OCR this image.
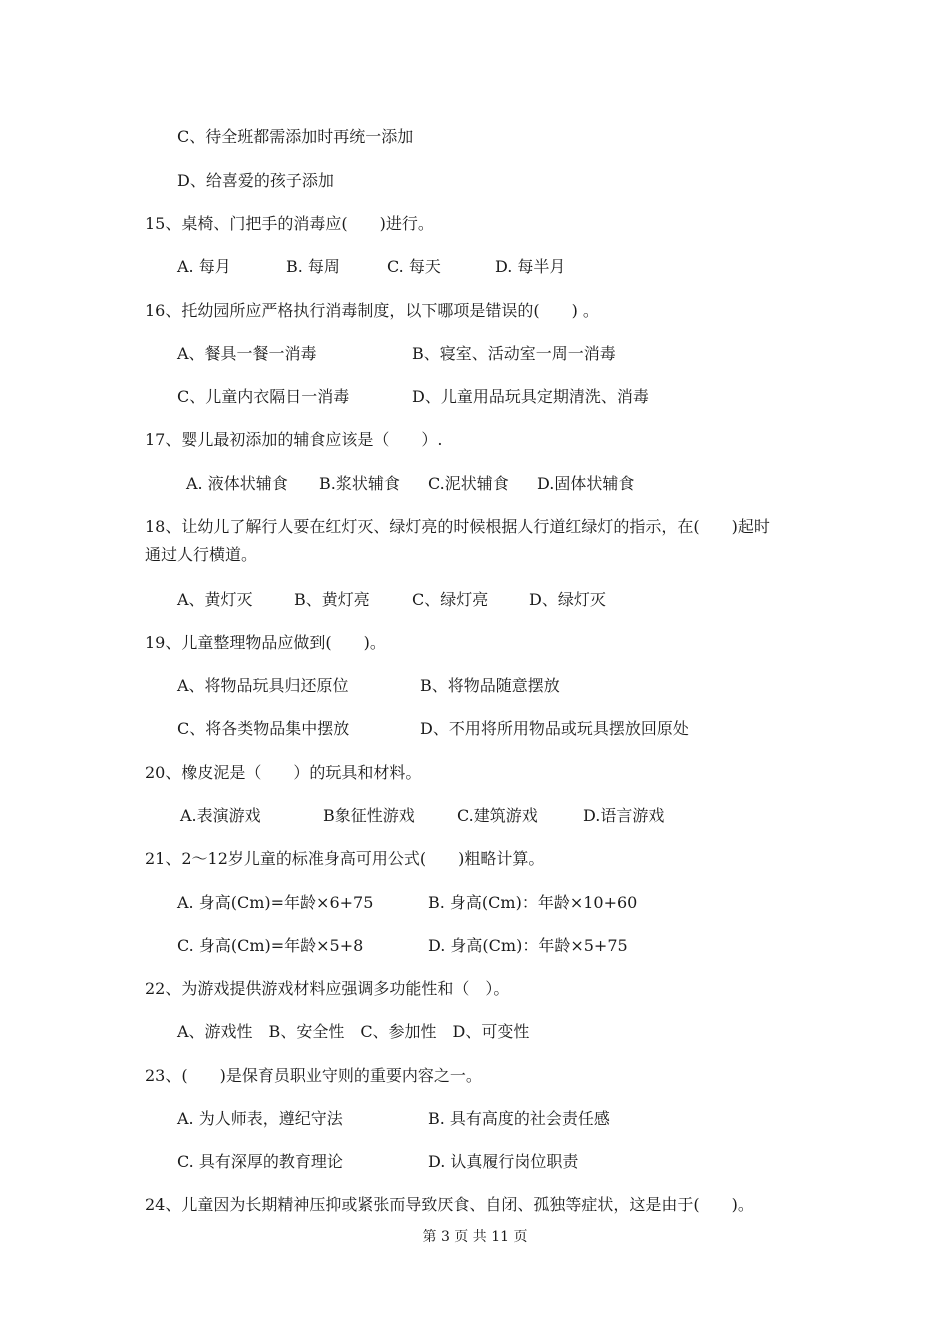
C、待全班都需添加时再统一添加
D、给喜爱的孩子添加
15、桌椅、门把手的消毒应(　　)进行。
A. 每月	B. 每周	C. 每天	D. 每半月
16、托幼园所应严格执行消毒制度，以下哪项是错误的(　　) 。
A、餐具一餐一消毒	B、寝室、活动室一周一消毒
C、儿童内衣隔日一消毒	D、儿童用品玩具定期清洗、消毒
17、婴儿最初添加的辅食应该是（　　）.
A. 液体状辅食 B.浆状辅食 C.泥状辅食 D.固体状辅食
18、让幼儿了解行人要在红灯灭、绿灯亮的时候根据人行道红绿灯的指示，在(　　)起时
通过人行横道。
A、黄灯灭	B、黄灯亮	C、绿灯亮	D、绿灯灭
19、儿童整理物品应做到(　　)。
A、将物品玩具归还原位	B、将物品随意摆放
C、将各类物品集中摆放	D、不用将所用物品或玩具摆放回原处
20、橡皮泥是（　　）的玩具和材料。
A.表演游戏	B象征性游戏	C.建筑游戏	D.语言游戏
21、2～12岁儿童的标准身高可用公式(　　)粗略计算。
A. 身高(Cm)=年龄×6+75	B. 身高(Cm)：年龄×10+60
C. 身高(Cm)=年龄×5+8	D. 身高(Cm)：年龄×5+75
22、为游戏提供游戏材料应强调多功能性和（　）。
A、游戏性　B、安全性　C、参加性　D、可变性
23、(　　)是保育员职业守则的重要内容之一。
A. 为人师表，遵纪守法	B. 具有高度的社会责任感
C. 具有深厚的教育理论	D. 认真履行岗位职责
24、儿童因为长期精神压抑或紧张而导致厌食、自闭、孤独等症状，这是由于(　　)。
第 3 页 共 11 页
